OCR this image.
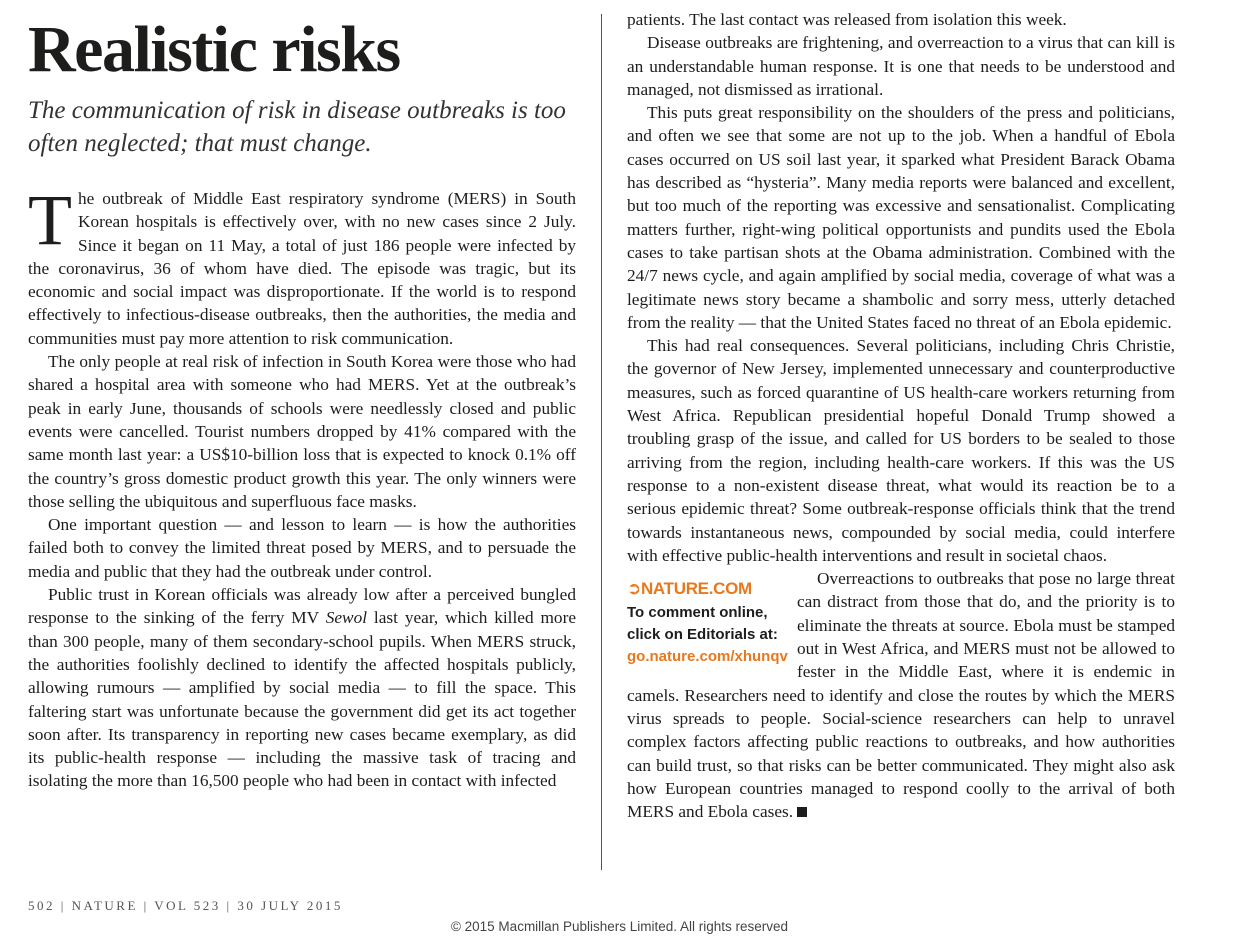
Realistic risks

The communication of risk in disease outbreaks is too often neglected; that must change.

The outbreak of Middle East respiratory syndrome (MERS) in South Korean hospitals is effectively over, with no new cases since 2 July. Since it began on 11 May, a total of just 186 people were infected by the coronavirus, 36 of whom have died. The episode was tragic, but its economic and social impact was disproportionate. If the world is to respond effectively to infectious-disease outbreaks, then the authorities, the media and communities must pay more attention to risk communication.

The only people at real risk of infection in South Korea were those who had shared a hospital area with someone who had MERS. Yet at the outbreak’s peak in early June, thousands of schools were needlessly closed and public events were cancelled. Tourist numbers dropped by 41% compared with the same month last year: a US$10-billion loss that is expected to knock 0.1% off the country’s gross domestic product growth this year. The only winners were those selling the ubiquitous and superfluous face masks.

One important question — and lesson to learn — is how the authorities failed both to convey the limited threat posed by MERS, and to persuade the media and public that they had the outbreak under control.

Public trust in Korean officials was already low after a perceived bungled response to the sinking of the ferry MV Sewol last year, which killed more than 300 people, many of them secondary-school pupils. When MERS struck, the authorities foolishly declined to identify the affected hospitals publicly, allowing rumours — amplified by social media — to fill the space. This faltering start was unfortunate because the government did get its act together soon after. Its transparency in reporting new cases became exemplary, as did its public-health response — including the massive task of tracing and isolating the more than 16,500 people who had been in contact with infected

patients. The last contact was released from isolation this week.

Disease outbreaks are frightening, and overreaction to a virus that can kill is an understandable human response. It is one that needs to be understood and managed, not dismissed as irrational.

This puts great responsibility on the shoulders of the press and politicians, and often we see that some are not up to the job. When a handful of Ebola cases occurred on US soil last year, it sparked what President Barack Obama has described as “hysteria”. Many media reports were balanced and excellent, but too much of the reporting was excessive and sensationalist. Complicating matters further, right-wing political opportunists and pundits used the Ebola cases to take partisan shots at the Obama administration. Combined with the 24/7 news cycle, and again amplified by social media, coverage of what was a legitimate news story became a shambolic and sorry mess, utterly detached from the reality — that the United States faced no threat of an Ebola epidemic.

This had real consequences. Several politicians, including Chris Christie, the governor of New Jersey, implemented unnecessary and counterproductive measures, such as forced quarantine of US health-care workers returning from West Africa. Republican presidential hopeful Donald Trump showed a troubling grasp of the issue, and called for US borders to be sealed to those arriving from the region, including health-care workers. If this was the US response to a non-existent disease threat, what would its reaction be to a serious epidemic threat? Some outbreak-response officials think that the trend towards instantaneous news, compounded by social media, could interfere with effective public-health interventions and result in societal chaos.

➲NATURE.COM
To comment online,
click on Editorials at:
go.nature.com/xhunqv

Overreactions to outbreaks that pose no large threat can distract from those that do, and the priority is to eliminate the threats at source. Ebola must be stamped out in West Africa, and MERS must not be allowed to fester in the Middle East, where it is endemic in camels. Researchers need to identify and close the routes by which the MERS virus spreads to people. Social-science researchers can help to unravel complex factors affecting public reactions to outbreaks, and how authorities can build trust, so that risks can be better communicated. They might also ask how European countries managed to respond coolly to the arrival of both MERS and Ebola cases.

502 | NATURE | VOL 523 | 30 JULY 2015
© 2015 Macmillan Publishers Limited. All rights reserved
